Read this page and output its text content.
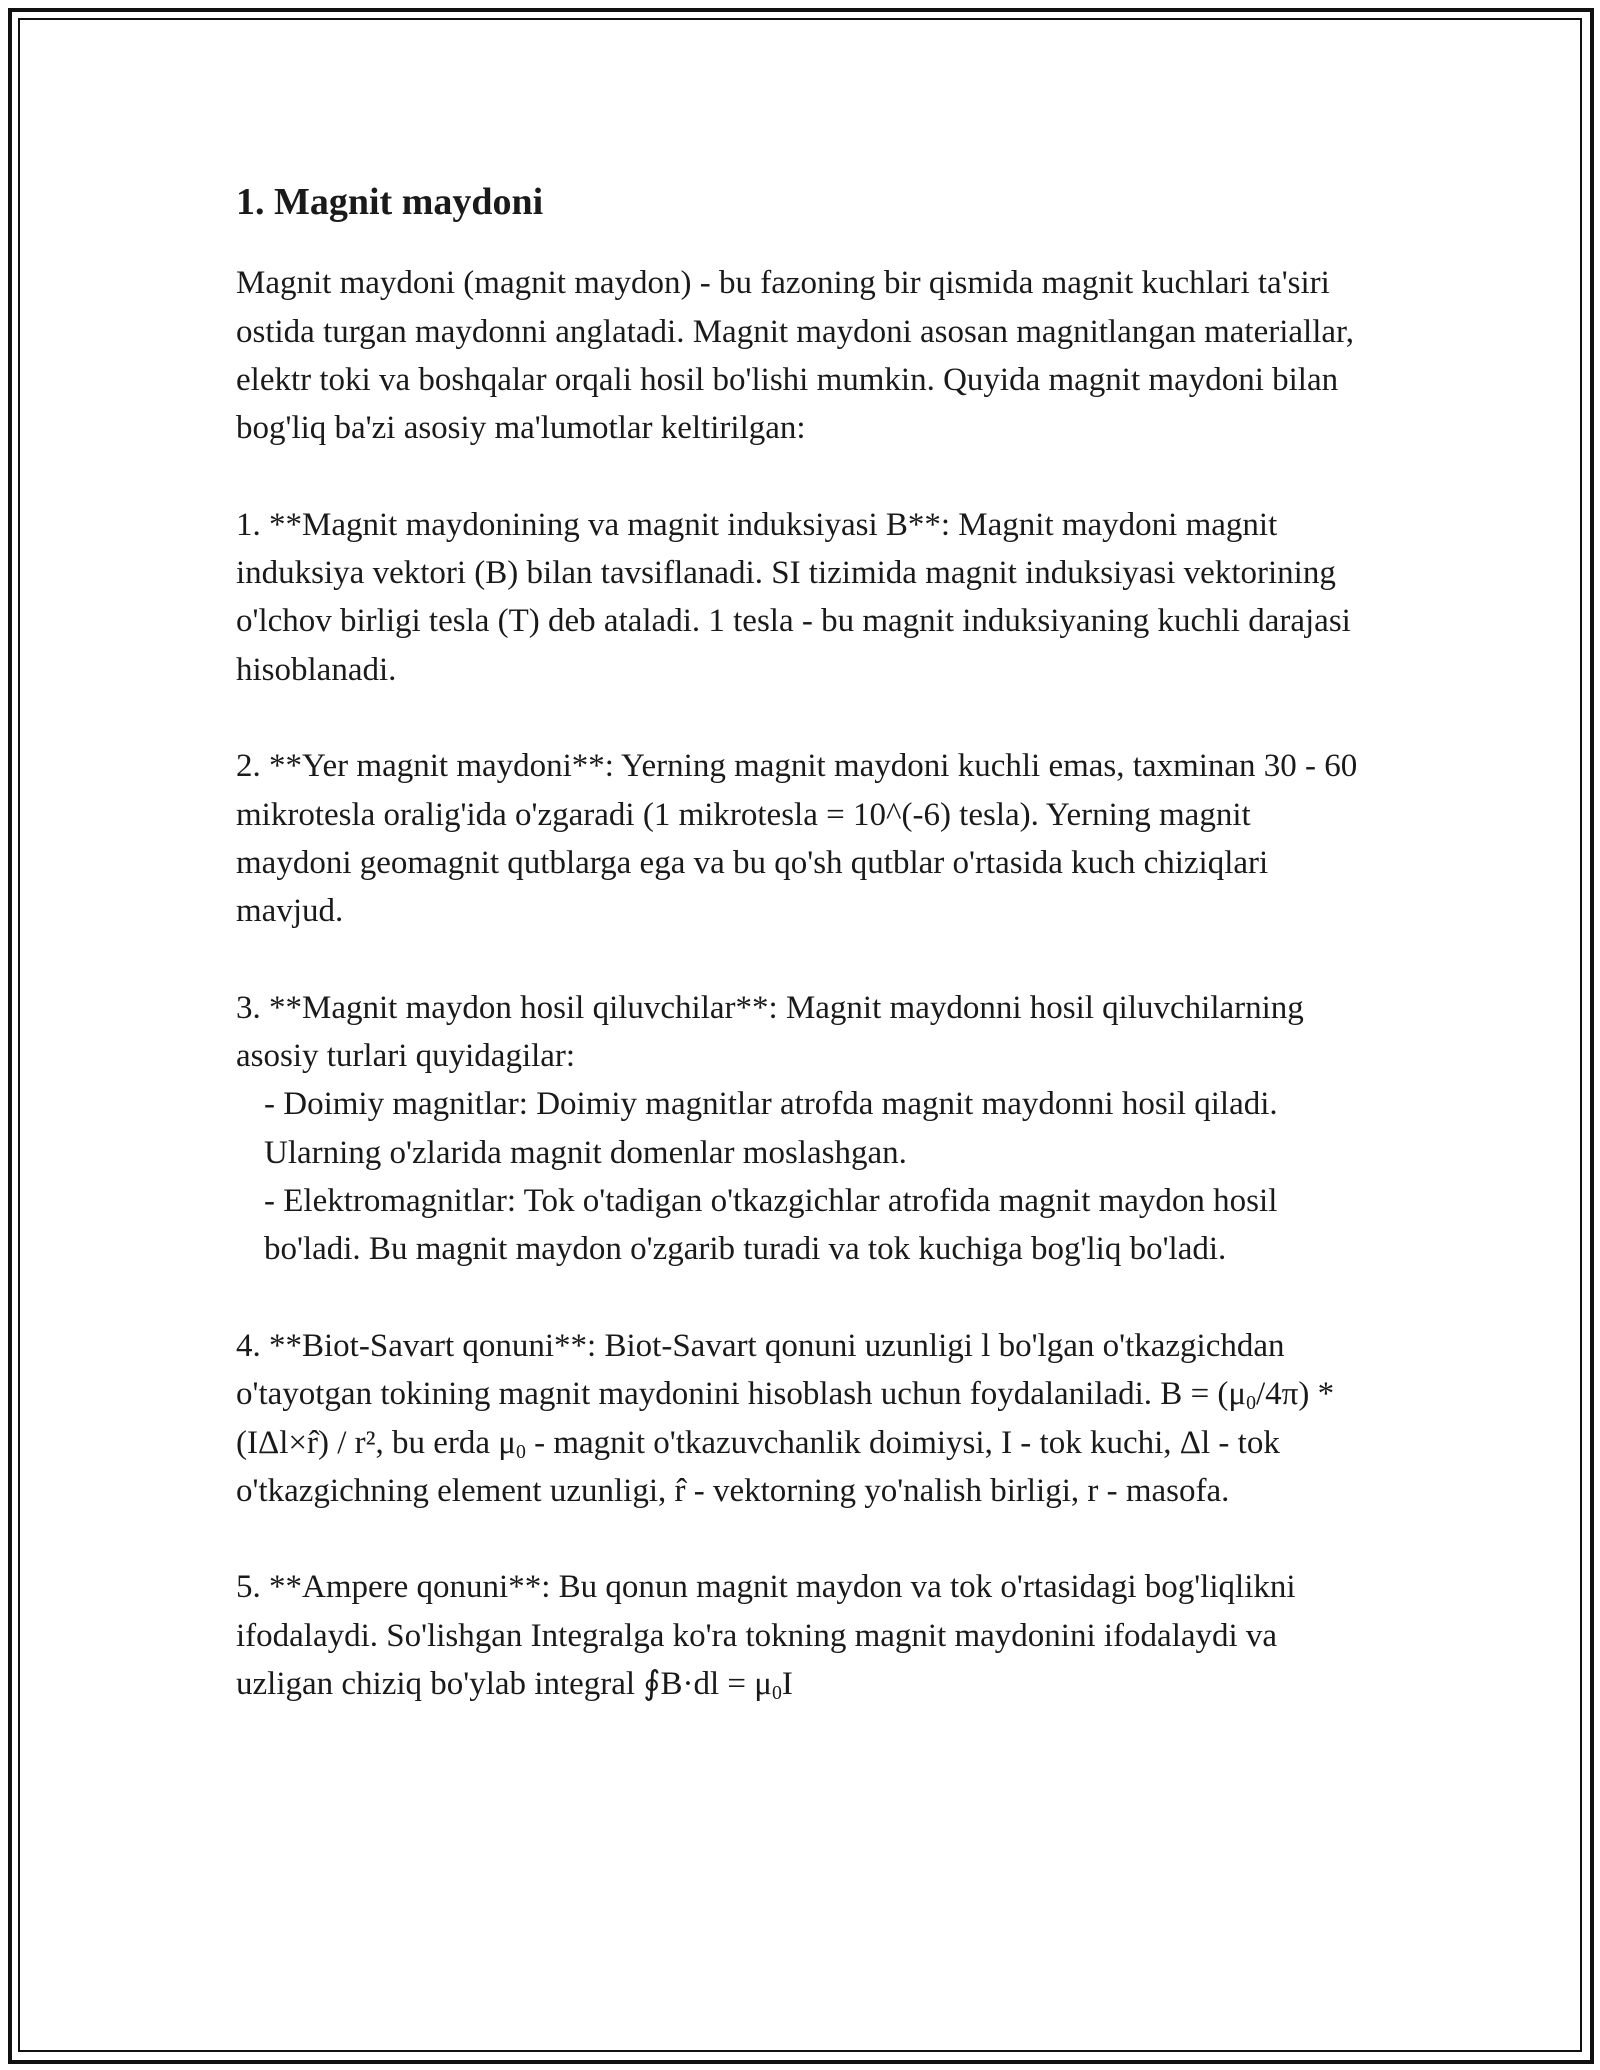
1. Magnit maydoni

Magnit maydoni (magnit maydon) - bu fazoning bir qismida magnit kuchlari ta'siri ostida turgan maydonni anglatadi. Magnit maydoni asosan magnitlangan materiallar, elektr toki va boshqalar orqali hosil bo'lishi mumkin. Quyida magnit maydoni bilan bog'liq ba'zi asosiy ma'lumotlar keltirilgan:

1. **Magnit maydonining va magnit induksiyasi B**: Magnit maydoni magnit induksiya vektori (B) bilan tavsiflanadi. SI tizimida magnit induksiyasi vektorining o'lchov birligi tesla (T) deb ataladi. 1 tesla - bu magnit induksiyaning kuchli darajasi hisoblanadi.

2. **Yer magnit maydoni**: Yerning magnit maydoni kuchli emas, taxminan 30 - 60 mikrotesla oralig'ida o'zgaradi (1 mikrotesla = 10^(-6) tesla). Yerning magnit maydoni geomagnit qutblarga ega va bu qo'sh qutblar o'rtasida kuch chiziqlari mavjud.

3. **Magnit maydon hosil qiluvchilar**: Magnit maydonni hosil qiluvchilarning asosiy turlari quyidagilar:

- Doimiy magnitlar: Doimiy magnitlar atrofda magnit maydonni hosil qiladi. Ularning o'zlarida magnit domenlar moslashgan.

- Elektromagnitlar: Tok o'tadigan o'tkazgichlar atrofida magnit maydon hosil bo'ladi. Bu magnit maydon o'zgarib turadi va tok kuchiga bog'liq bo'ladi.

4. **Biot-Savart qonuni**: Biot-Savart qonuni uzunligi l bo'lgan o'tkazgichdan o'tayotgan tokining magnit maydonini hisoblash uchun foydalaniladi. $B = (\mu_0/4\pi)$ * (IΔl×r̂) / r², bu erda $\mu_0$ - magnit o'tkazuvchanlik doimiysi, I - tok kuchi, Δl - tok o'tkazgichning element uzunligi, r̂ - vektorning yo'nalish birligi, r - masofa.

5. **Ampere qonuni**: Bu qonun magnit maydon va tok o'rtasidagi bog'liqlikni ifodalaydi. So'lishgan Integralga ko'ra tokning magnit maydonini ifodalaydi va uzligan chiziq bo'ylab integral ∮B·dl = $\mu_0I$
